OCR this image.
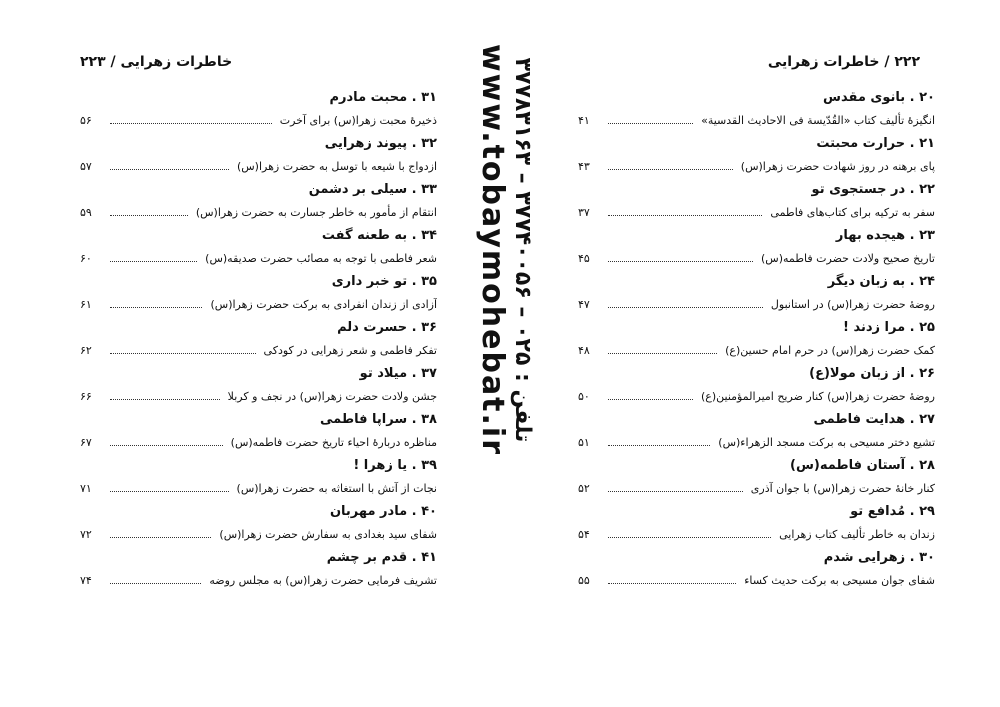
خاطرات زهرایی / ۲۲۳	۲۲۲ / خاطرات زهرایی
۳۱ . محبت مادرم
ذخیرۀ محبت زهرا(س) برای آخرت
۵۶
۳۲ . پیوند زهرایی
ازدواج با شیعه با توسل به حضرت زهرا(س)
۵۷
۳۳ . سیلی بر دشمن
انتقام از مأمور به خاطر جسارت به حضرت زهرا(س)
۵۹
۳۴ . به طعنه گفت
شعر فاطمی با توجه به مصائب حضرت صدیقه(س)
۶۰
۳۵ . تو خبر داری
آزادی از زندان انفرادی به برکت حضرت زهرا(س)
۶۱
۳۶ . حسرت دلم
تفکر فاطمی و شعر زهرایی در کودکی
۶۲
۳۷ . میلاد تو
جشن ولادت حضرت زهرا(س) در نجف و کربلا
۶۶
۳۸ . سراپا فاطمی
مناظره دربارۀ احیاء تاریخ حضرت فاطمه(س)
۶۷
۳۹ . یا زهرا !
نجات از آتش با استغاثه به حضرت زهرا(س)
۷۱
۴۰ . مادر مهربان
شفای سید بغدادی به سفارش حضرت زهرا(س)
۷۲
۴۱ . قدم بر چشم
تشریف فرمایی حضرت زهرا(س) به مجلس روضه
۷۴
۲۰ . بانوی مقدس
انگیزۀ تألیف کتاب «القُدّیسة فی الاحادیث القدسیة»
۴۱
۲۱ . حرارت محبتت
پای برهنه در روز شهادت حضرت زهرا(س)
۴۳
۲۲ . در جستجوی تو
سفر به ترکیه برای کتاب‌های فاطمی
۳۷
۲۳ . هیجده بهار
تاریخ صحیح ولادت حضرت فاطمه(س)
۴۵
۲۴ . به زبان دیگر
روضۀ حضرت زهرا(س) در استانبول
۴۷
۲۵ . مرا زدند !
کمک حضرت زهرا(س) در حرم امام حسین(ع)
۴۸
۲۶ . از زبان مولا(ع)
روضۀ حضرت زهرا(س) کنار ضریح امیرالمؤمنین(ع)
۵۰
۲۷ . هدایت فاطمی
تشیع دختر مسیحی به برکت مسجد الزهراء(س)
۵۱
۲۸ . آستان فاطمه(س)
کنار خانۀ حضرت زهرا(س) با جوان آذری
۵۲
۲۹ . مُدافع تو
زندان به خاطر تألیف کتاب زهرایی
۵۴
۳۰ . زهرایی شدم
شفای جوان مسیحی به برکت حدیث کساء
۵۵
تلفن : ۰۲۵ – ۳۷۷۴۰۰۵۶ – ۳۷۷۸۳۱۶۳
www.tobaymohebat.ir
